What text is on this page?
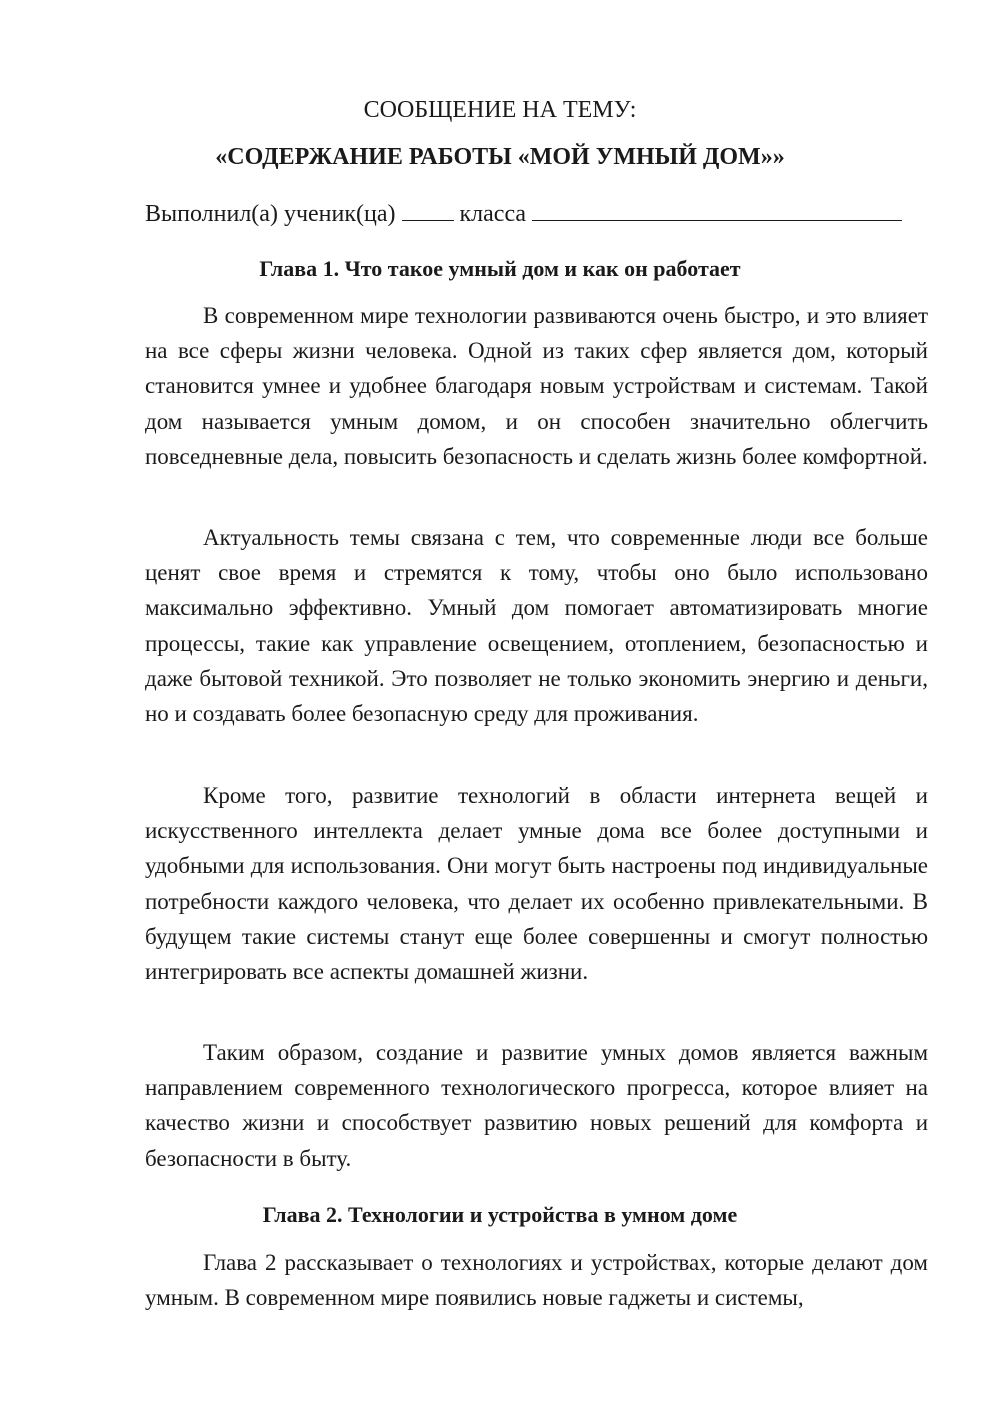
СООБЩЕНИЕ НА ТЕМУ:

«СОДЕРЖАНИЕ РАБОТЫ «МОЙ УМНЫЙ ДОМ»»

Выполнил(а) ученик(ца)	класса

Глава 1. Что такое умный дом и как он работает

В современном мире технологии развиваются очень быстро, и это влияет на все сферы жизни человека. Одной из таких сфер является дом, который становится умнее и удобнее благодаря новым устройствам и системам. Такой дом называется умным домом, и он способен значительно облегчить повседневные дела, повысить безопасность и сделать жизнь более комфортной.

Актуальность темы связана с тем, что современные люди все больше ценят свое время и стремятся к тому, чтобы оно было использовано максимально эффективно. Умный дом помогает автоматизировать многие процессы, такие как управление освещением, отоплением, безопасностью и даже бытовой техникой. Это позволяет не только экономить энергию и деньги, но и создавать более безопасную среду для проживания.

Кроме того, развитие технологий в области интернета вещей и искусственного интеллекта делает умные дома все более доступными и удобными для использования. Они могут быть настроены под индивидуальные потребности каждого человека, что делает их особенно привлекательными. В будущем такие системы станут еще более совершенны и смогут полностью интегрировать все аспекты домашней жизни.

Таким образом, создание и развитие умных домов является важным направлением современного технологического прогресса, которое влияет на качество жизни и способствует развитию новых решений для комфорта и безопасности в быту.

Глава 2. Технологии и устройства в умном доме

Глава 2 рассказывает о технологиях и устройствах, которые делают дом умным. В современном мире появились новые гаджеты и системы,
